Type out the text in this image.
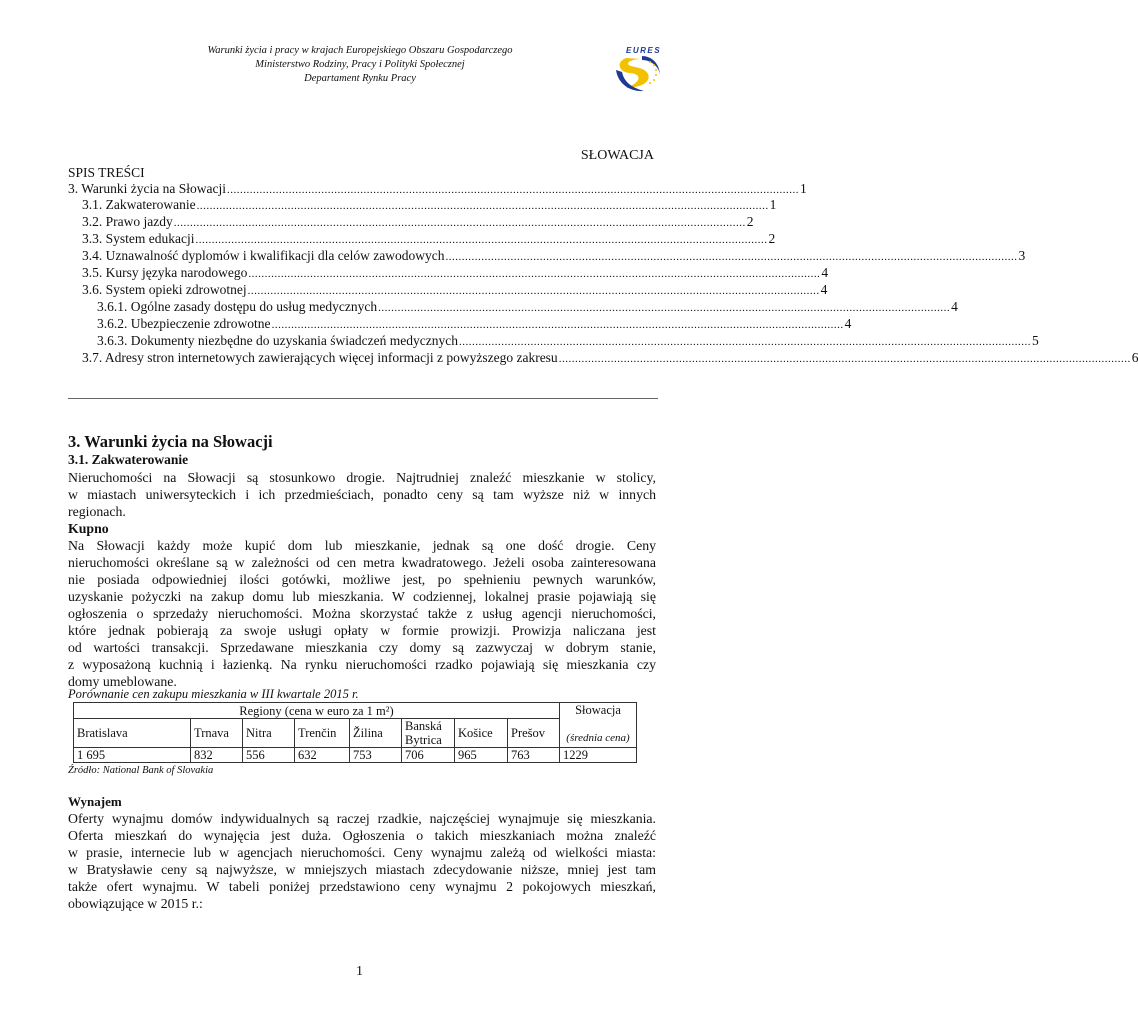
Warunki życia i pracy w krajach Europejskiego Obszaru Gospodarczego
Ministerstwo Rodziny, Pracy i Polityki Społecznej
Departament Rynku Pracy
EURES
SŁOWACJA
SPIS TREŚCI
3. Warunki życia na Słowacji ................................................................................................................................................................................ 1
3.1. Zakwaterowanie ................................................................................................................................................................................ 1
3.2. Prawo jazdy ................................................................................................................................................................................ 2
3.3. System edukacji ................................................................................................................................................................................ 2
3.4. Uznawalność dyplomów i kwalifikacji dla celów zawodowych ................................................................................................................................................................................ 3
3.5. Kursy języka narodowego ................................................................................................................................................................................ 4
3.6. System opieki zdrowotnej ................................................................................................................................................................................ 4
3.6.1. Ogólne zasady dostępu do usług medycznych ................................................................................................................................................................................ 4
3.6.2. Ubezpieczenie zdrowotne ................................................................................................................................................................................ 4
3.6.3. Dokumenty niezbędne do uzyskania świadczeń medycznych ................................................................................................................................................................................ 5
3.7. Adresy stron internetowych zawierających więcej informacji z powyższego zakresu ................................................................................................................................................................................ 6
3. Warunki życia na Słowacji
3.1. Zakwaterowanie
Nieruchomości na Słowacji są stosunkowo drogie. Najtrudniej znaleźć mieszkanie w stolicy,
w miastach uniwersyteckich i ich przedmieściach, ponadto ceny są tam wyższe niż w innych
regionach.
Kupno
Na Słowacji każdy może kupić dom lub mieszkanie, jednak są one dość drogie. Ceny
nieruchomości określane są w zależności od cen metra kwadratowego. Jeżeli osoba zainteresowana
nie posiada odpowiedniej ilości gotówki, możliwe jest, po spełnieniu pewnych warunków,
uzyskanie pożyczki na zakup domu lub mieszkania. W codziennej, lokalnej prasie pojawiają się
ogłoszenia o sprzedaży nieruchomości. Można skorzystać także z usług agencji nieruchomości,
które jednak pobierają za swoje usługi opłaty w formie prowizji. Prowizja naliczana jest
od wartości transakcji. Sprzedawane mieszkania czy domy są zazwyczaj w dobrym stanie,
z wyposażoną kuchnią i łazienką. Na rynku nieruchomości rzadko pojawiają się mieszkania czy
domy umeblowane.
Porównanie cen zakupu mieszkania w III kwartale 2015 r.
Regiony (cena w euro za 1 m²)								Słowacja
(średnia cena)

Bratislava	Trnava	Nitra	Trenčin	Žilina	Banská Bytrica	Košice	Prešov	
1 695	832	556	632	753	706	965	763	1229
Źródło: National Bank of Slovakia
Wynajem
Oferty wynajmu domów indywidualnych są raczej rzadkie, najczęściej wynajmuje się mieszkania.
Oferta mieszkań do wynajęcia jest duża. Ogłoszenia o takich mieszkaniach można znaleźć
w prasie, internecie lub w agencjach nieruchomości. Ceny wynajmu zależą od wielkości miasta:
w Bratysławie ceny są najwyższe, w mniejszych miastach zdecydowanie niższe, mniej jest tam
także ofert wynajmu. W tabeli poniżej przedstawiono ceny wynajmu 2 pokojowych mieszkań,
obowiązujące w 2015 r.:
1
